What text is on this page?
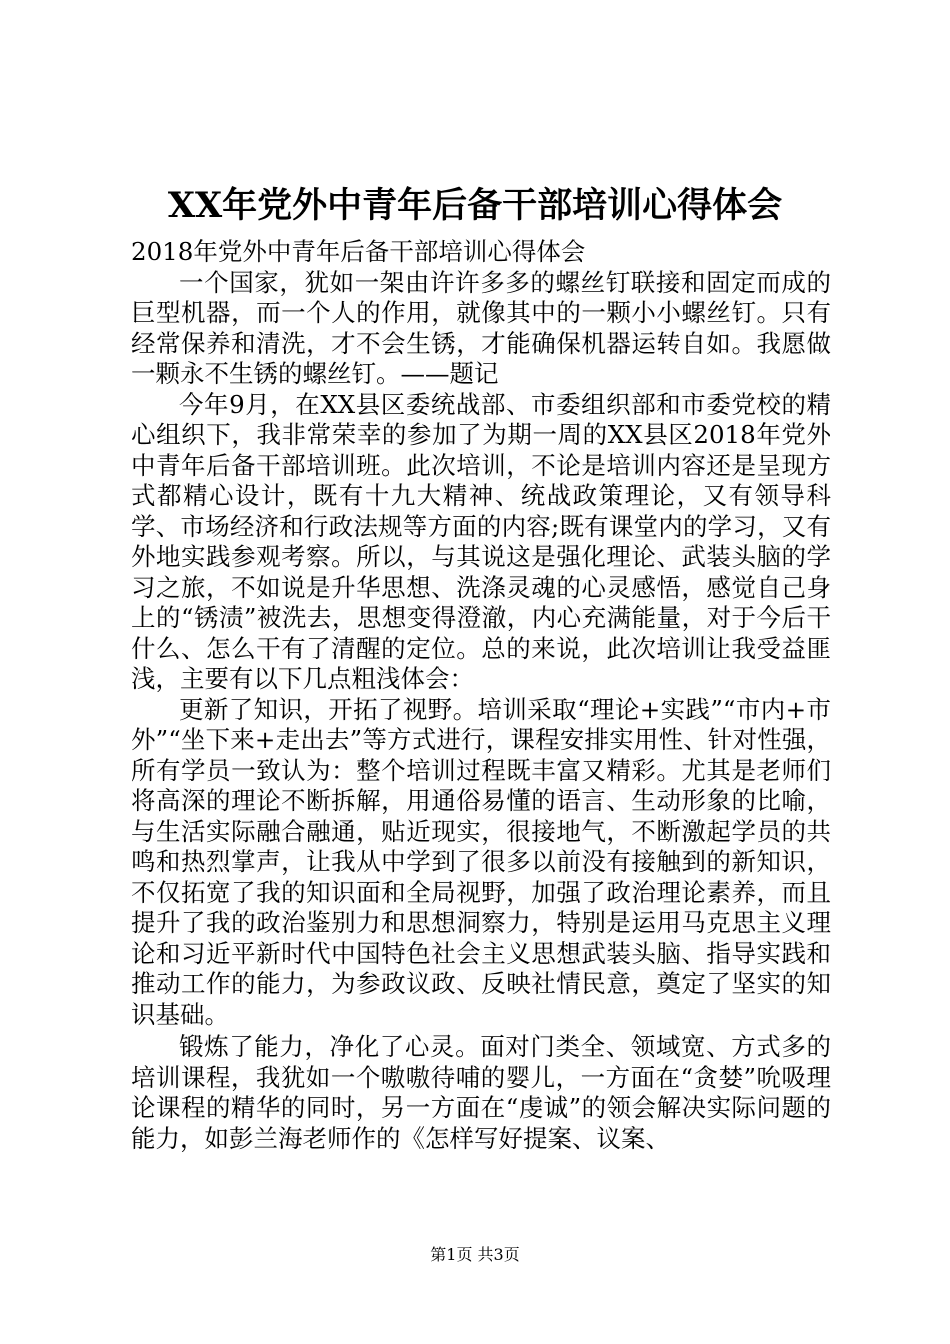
XX年党外中青年后备干部培训心得体会

2018年党外中青年后备干部培训心得体会

一个国家，犹如一架由许许多多的螺丝钉联接和固定而成的巨型机器，而一个人的作用，就像其中的一颗小小螺丝钉。只有经常保养和清洗，才不会生锈，才能确保机器运转自如。我愿做一颗永不生锈的螺丝钉。——题记

今年9月，在XX县区委统战部、市委组织部和市委党校的精心组织下，我非常荣幸的参加了为期一周的XX县区2018年党外中青年后备干部培训班。此次培训，不论是培训内容还是呈现方式都精心设计，既有十九大精神、统战政策理论，又有领导科学、市场经济和行政法规等方面的内容;既有课堂内的学习，又有外地实践参观考察。所以，与其说这是强化理论、武装头脑的学习之旅，不如说是升华思想、洗涤灵魂的心灵感悟，感觉自己身上的“锈渍”被洗去，思想变得澄澈，内心充满能量，对于今后干什么、怎么干有了清醒的定位。总的来说，此次培训让我受益匪浅，主要有以下几点粗浅体会：

更新了知识，开拓了视野。培训采取“理论+实践”“市内+市外”“坐下来+走出去”等方式进行，课程安排实用性、针对性强，所有学员一致认为：整个培训过程既丰富又精彩。尤其是老师们将高深的理论不断拆解，用通俗易懂的语言、生动形象的比喻，与生活实际融合融通，贴近现实，很接地气，不断激起学员的共鸣和热烈掌声，让我从中学到了很多以前没有接触到的新知识，不仅拓宽了我的知识面和全局视野，加强了政治理论素养，而且提升了我的政治鉴别力和思想洞察力，特别是运用马克思主义理论和习近平新时代中国特色社会主义思想武装头脑、指导实践和推动工作的能力，为参政议政、反映社情民意，奠定了坚实的知识基础。

锻炼了能力，净化了心灵。面对门类全、领域宽、方式多的培训课程，我犹如一个嗷嗷待哺的婴儿，一方面在“贪婪”吮吸理论课程的精华的同时，另一方面在“虔诚”的领会解决实际问题的能力，如彭兰海老师作的《怎样写好提案、议案、

第1页 共3页
